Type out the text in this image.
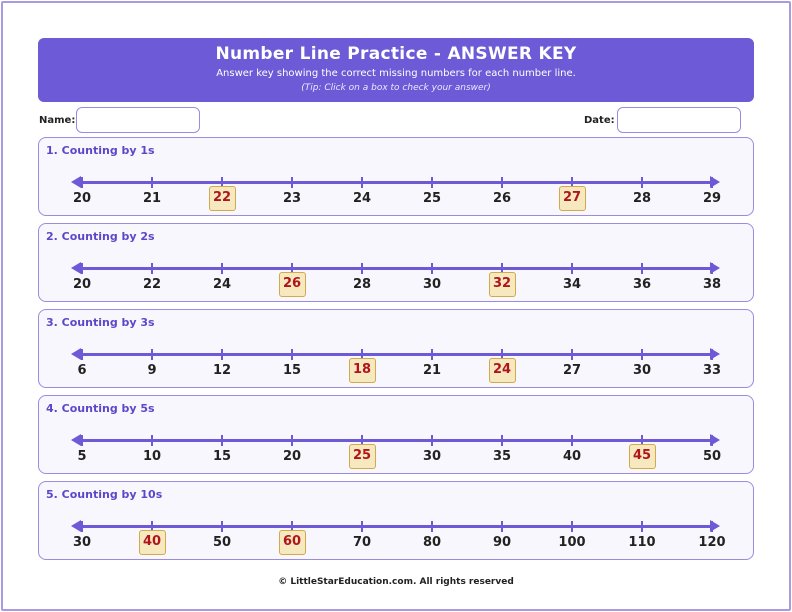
Number Line Practice - ANSWER KEY
Answer key showing the correct missing numbers for each number line.
(Tip: Click on a box to check your answer)
Name:	Date:
1. Counting by 1s
20	21	22	23	24	25	26	27	28	29
2. Counting by 2s
20	22	24	26	28	30	32	34	36	38
3. Counting by 3s
6	9	12	15	18	21	24	27	30	33
4. Counting by 5s
5	10	15	20	25	30	35	40	45	50
5. Counting by 10s
30	40	50	60	70	80	90	100	110	120
© LittleStarEducation.com. All rights reserved
